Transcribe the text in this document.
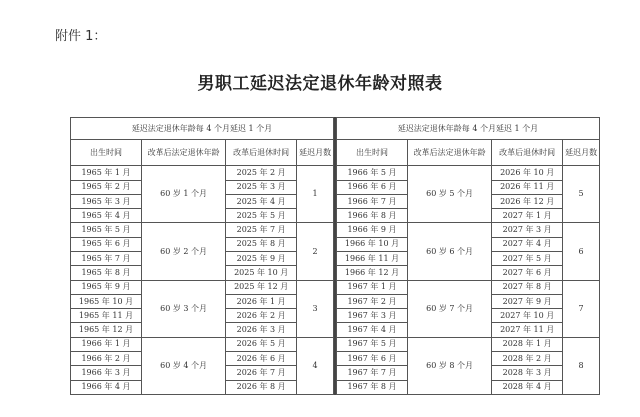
附件 1：
男职工延迟法定退休年龄对照表
延迟法定退休年龄每 4 个月延迟 1 个月			
出生时间	改革后法定退休年龄	改革后退休时间	延迟月数
1965 年 1 月	60 岁 1 个月	2025 年 2 月	1
1965 年 2 月		2025 年 3 月	
1965 年 3 月		2025 年 4 月	
1965 年 4 月		2025 年 5 月	
1965 年 5 月	60 岁 2 个月	2025 年 7 月	2
1965 年 6 月		2025 年 8 月	
1965 年 7 月		2025 年 9 月	
1965 年 8 月		2025 年 10 月	
1965 年 9 月	60 岁 3 个月	2025 年 12 月	3
1965 年 10 月		2026 年 1 月	
1965 年 11 月		2026 年 2 月	
1965 年 12 月		2026 年 3 月	
1966 年 1 月	60 岁 4 个月	2026 年 5 月	4
1966 年 2 月		2026 年 6 月	
1966 年 3 月		2026 年 7 月	
1966 年 4 月		2026 年 8 月	
延迟法定退休年龄每 4 个月延迟 1 个月			
出生时间	改革后法定退休年龄	改革后退休时间	延迟月数
1966 年 5 月	60 岁 5 个月	2026 年 10 月	5
1966 年 6 月		2026 年 11 月	
1966 年 7 月		2026 年 12 月	
1966 年 8 月		2027 年 1 月	
1966 年 9 月	60 岁 6 个月	2027 年 3 月	6
1966 年 10 月		2027 年 4 月	
1966 年 11 月		2027 年 5 月	
1966 年 12 月		2027 年 6 月	
1967 年 1 月	60 岁 7 个月	2027 年 8 月	7
1967 年 2 月		2027 年 9 月	
1967 年 3 月		2027 年 10 月	
1967 年 4 月		2027 年 11 月	
1967 年 5 月	60 岁 8 个月	2028 年 1 月	8
1967 年 6 月		2028 年 2 月	
1967 年 7 月		2028 年 3 月	
1967 年 8 月		2028 年 4 月	
